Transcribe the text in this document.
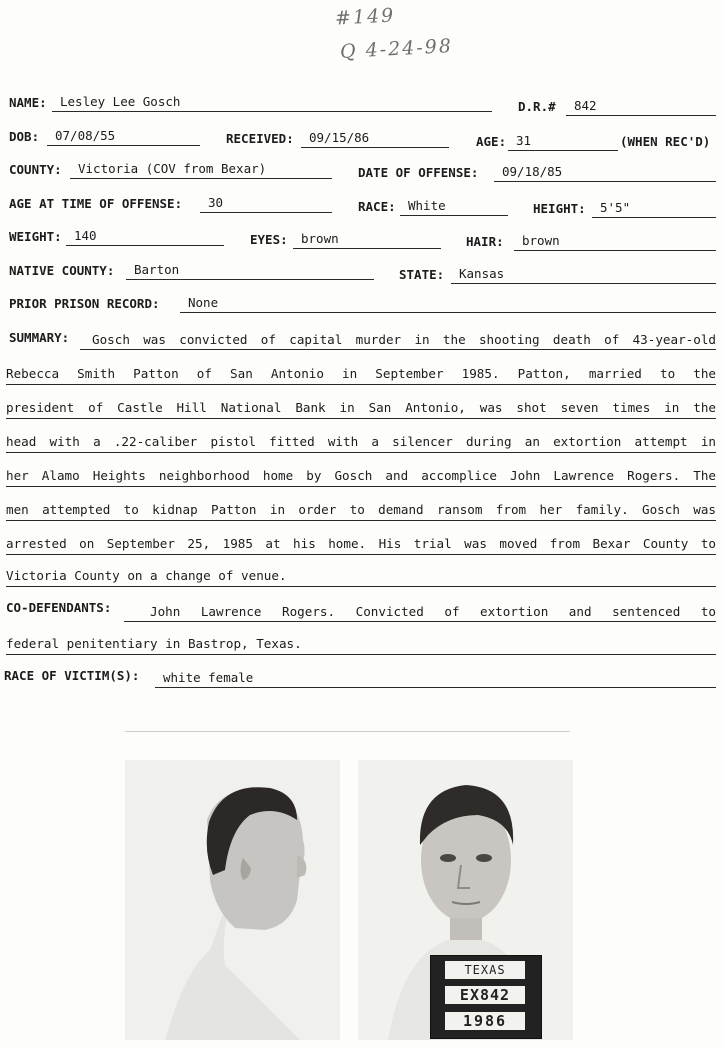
#149
Q 4-24-98
NAME:	Lesley Lee Gosch	D.R.#	842
DOB:	07/08/55	RECEIVED:	09/15/86	AGE: 31	(WHEN REC'D)
COUNTY:	Victoria (COV from Bexar)	DATE OF OFFENSE:	09/18/85
AGE AT TIME OF OFFENSE:	30	RACE: White	HEIGHT:	5'5"
WEIGHT: 140	EYES:	brown	HAIR:	brown
NATIVE COUNTY:	Barton	STATE:	Kansas
PRIOR PRISON RECORD:	None
SUMMARY:	Gosch was convicted of capital murder in the shooting death of 43-year-old
Rebecca Smith Patton of San Antonio in September 1985. Patton, married to the
president of Castle Hill National Bank in San Antonio, was shot seven times in the
head with a .22-caliber pistol fitted with a silencer during an extortion attempt in
her Alamo Heights neighborhood home by Gosch and accomplice John Lawrence Rogers. The
men attempted to kidnap Patton in order to demand ransom from her family. Gosch was
arrested on September 25, 1985 at his home. His trial was moved from Bexar County to
Victoria County on a change of venue.
CO-DEFENDANTS:	John Lawrence Rogers. Convicted of extortion and sentenced to
federal penitentiary in Bastrop, Texas.
RACE OF VICTIM(S):	white female
TEXAS
EX842
1986
